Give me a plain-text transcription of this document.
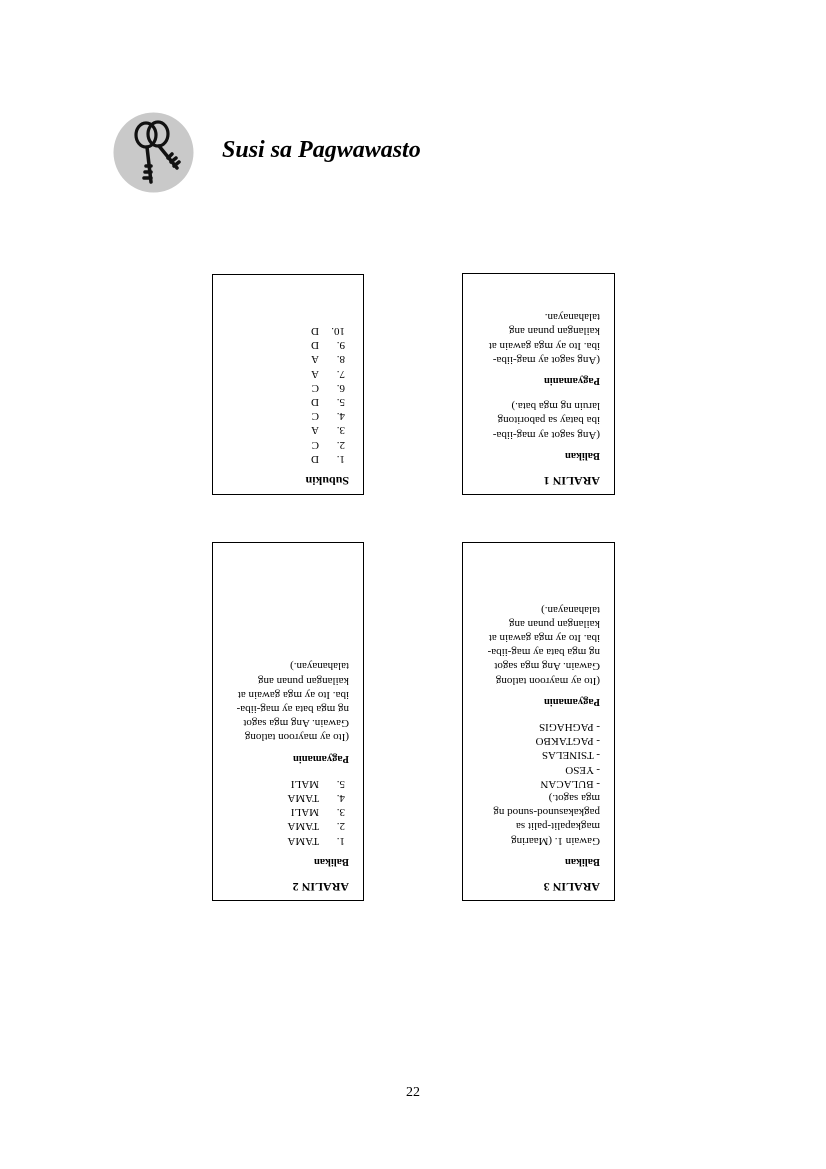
Susi sa Pagwawasto
Subukin
1.
D
2.
C
3.
A
4.
C
5.
D
6.
C
7.
A
8.
A
9.
D
10.
D
ARALIN 1
Balikan

(Ang sagot ay mag-iiba-

iba batay sa paboritong

laruin ng mga bata.)

Pagyamanin

(Ang sagot ay mag-iiba-

iba. Ito ay mga gawain at

kailangan punan ang

talahanayan.

ARALIN 2
Balikan
1.
TAMA
2.
TAMA
3.
MALI
4.
TAMA
5.
MALI
Pagyamanin

(Ito ay mayroon tatlong

Gawain. Ang mga sagot

ng mga bata ay mag-iiba-

iba. Ito ay mga gawain at

kailangan punan ang

talahanayan.)

ARALIN 3
Balikan

Gawain 1. (Maaring

magkapalit-palit sa

pagkakasunod-sunod ng

mga sagot.)

- BULACAN
- YESO
- TSINELAS
- PAGTAKBO
- PAGHAGIS
Pagyamanin

(Ito ay mayroon tatlong

Gawain. Ang mga sagot

ng mga bata ay mag-iiba-

iba. Ito ay mga gawain at

kailangan punan ang

talahanayan.)

22
